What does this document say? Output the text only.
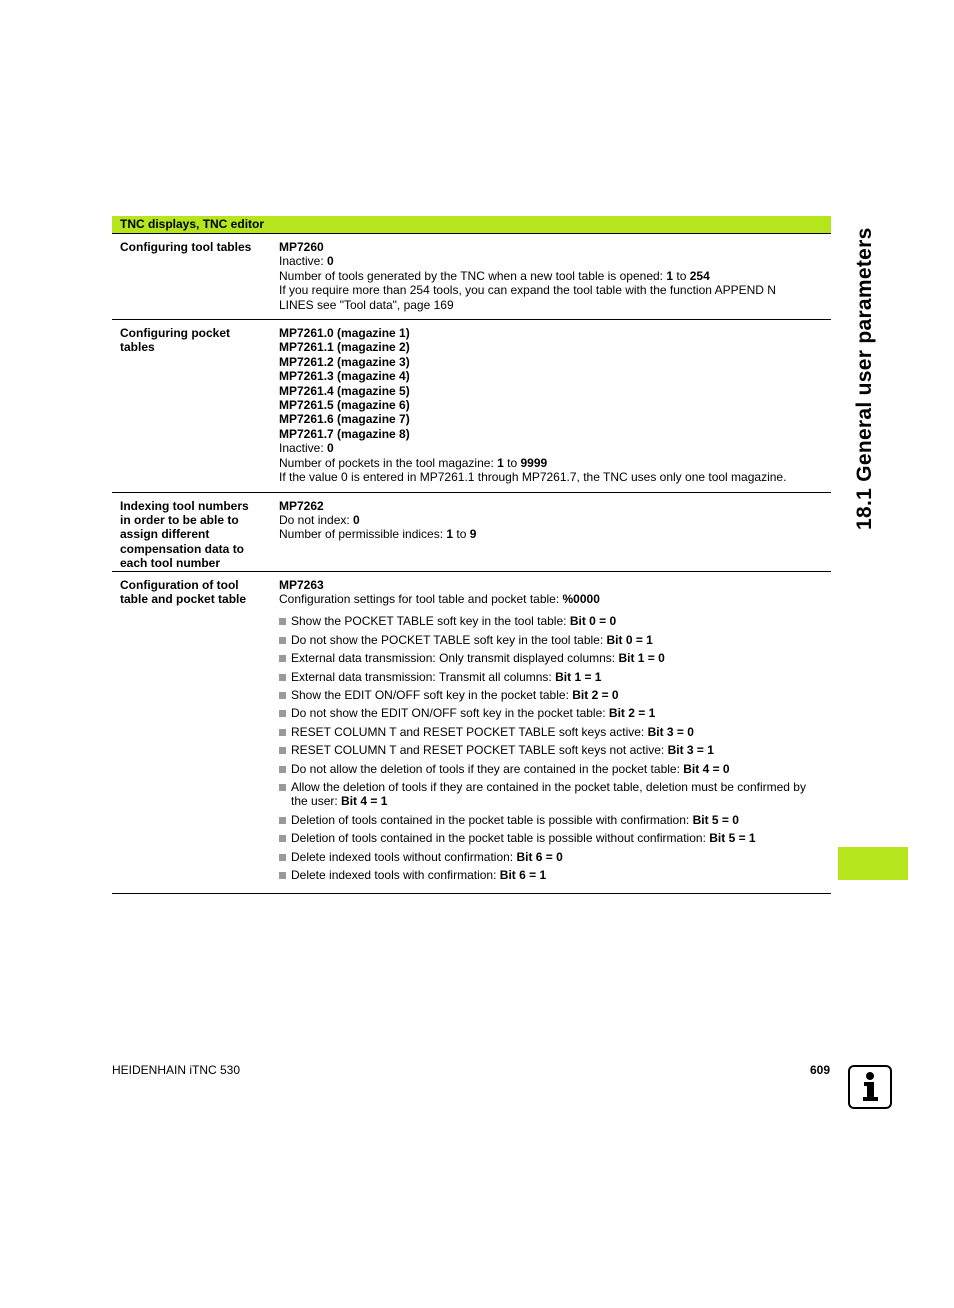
TNC displays, TNC editor
Configuring tool tables	MP7260
Inactive: 0
Number of tools generated by the TNC when a new tool table is opened: 1 to 254
If you require more than 254 tools, you can expand the tool table with the function APPEND N
LINES see "Tool data", page 169
Configuring pocket
tables
MP7261.0 (magazine 1)
MP7261.1 (magazine 2)
MP7261.2 (magazine 3)
MP7261.3 (magazine 4)
MP7261.4 (magazine 5)
MP7261.5 (magazine 6)
MP7261.6 (magazine 7)
MP7261.7 (magazine 8)
Inactive: 0
Number of pockets in the tool magazine: 1 to 9999
If the value 0 is entered in MP7261.1 through MP7261.7, the TNC uses only one tool magazine.
Indexing tool numbers
in order to be able to
assign different
compensation data to
each tool number
MP7262
Do not index: 0
Number of permissible indices: 1 to 9
Configuration of tool
table and pocket table
MP7263
Configuration settings for tool table and pocket table: %0000
Show the POCKET TABLE soft key in the tool table: Bit 0 = 0
Do not show the POCKET TABLE soft key in the tool table: Bit 0 = 1
External data transmission: Only transmit displayed columns: Bit 1 = 0
External data transmission: Transmit all columns: Bit 1 = 1
Show the EDIT ON/OFF soft key in the pocket table: Bit 2 = 0
Do not show the EDIT ON/OFF soft key in the pocket table: Bit 2 = 1
RESET COLUMN T and RESET POCKET TABLE soft keys active: Bit 3 = 0
RESET COLUMN T and RESET POCKET TABLE soft keys not active: Bit 3 = 1
Do not allow the deletion of tools if they are contained in the pocket table: Bit 4 = 0
Allow the deletion of tools if they are contained in the pocket table, deletion must be confirmed by the user: Bit 4 = 1
Deletion of tools contained in the pocket table is possible with confirmation: Bit 5 = 0
Deletion of tools contained in the pocket table is possible without confirmation: Bit 5 = 1
Delete indexed tools without confirmation: Bit 6 = 0
Delete indexed tools with confirmation: Bit 6 = 1
18.1 General user parameters
HEIDENHAIN iTNC 530	609
